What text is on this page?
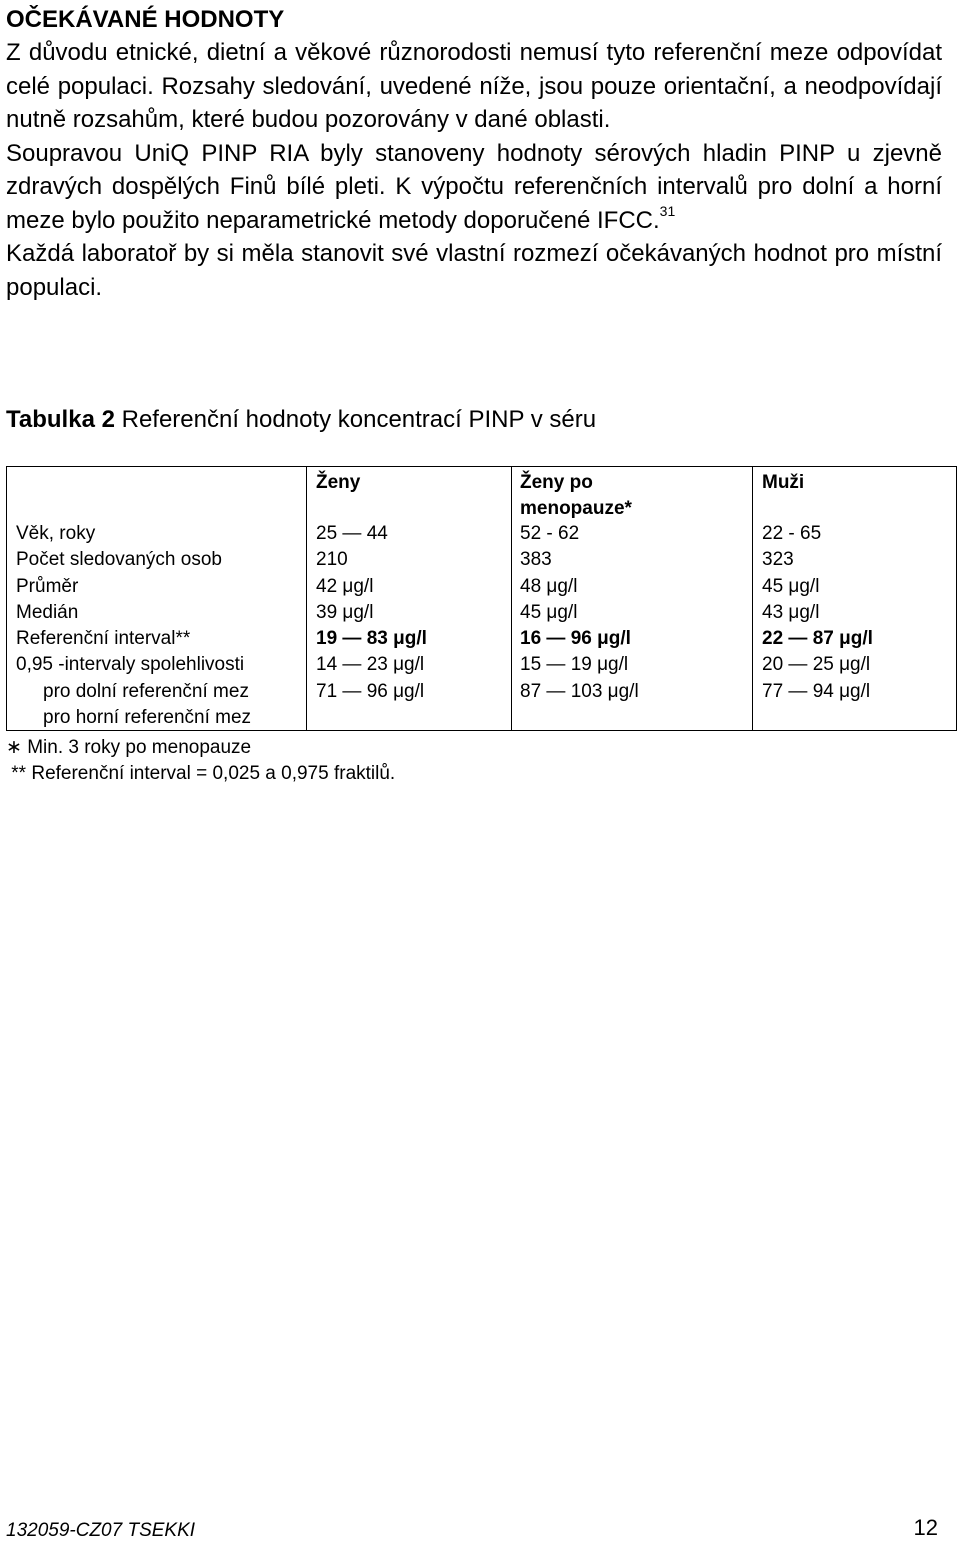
OČEKÁVANÉ HODNOTY

Z důvodu etnické, dietní a věkové různorodosti nemusí tyto referenční meze odpovídat celé populaci. Rozsahy sledování, uvedené níže, jsou pouze orientační, a neodpovídají nutně rozsahům, které budou pozorovány v dané oblasti.

Soupravou UniQ PINP RIA byly stanoveny hodnoty sérových hladin PINP u zjevně zdravých dospělých Finů bílé pleti. K výpočtu referenčních intervalů pro dolní a horní meze bylo použito neparametrické metody doporučené IFCC.$^{31}$

Každá laboratoř by si měla stanovit své vlastní rozmezí očekávaných hodnot pro místní populaci.

Tabulka 2 Referenční hodnoty koncentrací PINP v séru
Ženy	Ženy po
menopauze*
Muži
Věk, roky
Počet sledovaných osob
Průměr
Medián
Referenční interval**
0,95 -intervaly spolehlivosti
pro dolní referenční mez
pro horní referenční mez
25 — 44
210
42 μg/l
39 μg/l
19 — 83 μg/l
14 — 23 μg/l
71 — 96 μg/l
52 - 62
383
48 μg/l
45 μg/l
16 — 96 μg/l
15 — 19 μg/l
87 — 103 μg/l
22 - 65
323
45 μg/l
43 μg/l
22 — 87 μg/l
20 — 25 μg/l
77 — 94 μg/l
∗ Min. 3 roky po menopauze
** Referenční interval = 0,025 a 0,975 fraktilů.
132059-CZ07 TSEKKI	12
